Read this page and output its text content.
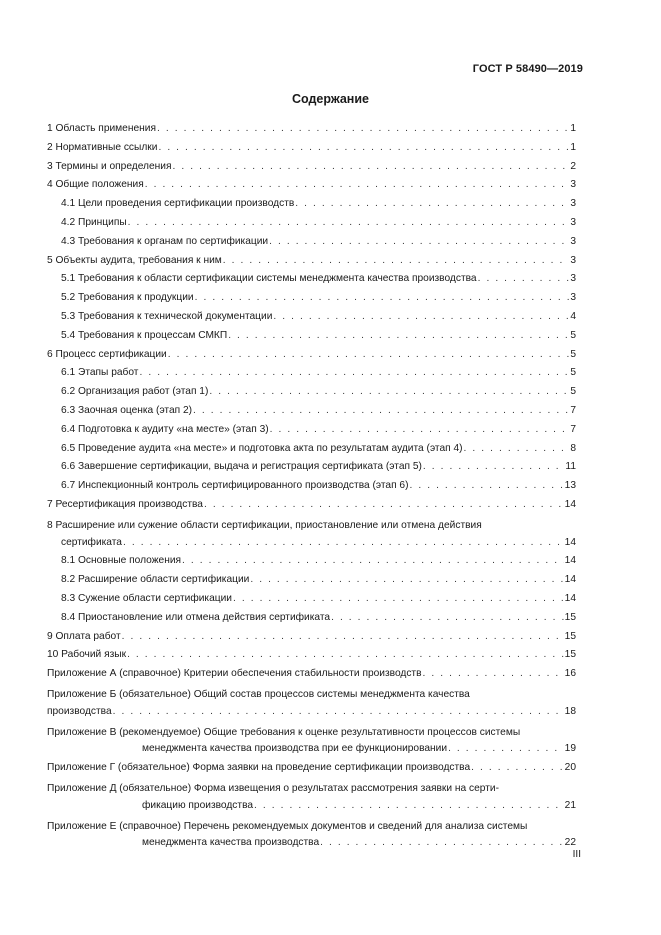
ГОСТ Р 58490—2019
Содержание
1 Область применения . . .	1
2 Нормативные ссылки . . .	1
3 Термины и определения . . .	2
4 Общие положения . . .	3
4.1 Цели проведения сертификации производств . . .	3
4.2 Принципы . . .	3
4.3 Требования к органам по сертификации . . .	3
5 Объекты аудита, требования к ним . . .	3
5.1 Требования к области сертификации системы менеджмента качества производства . . .	3
5.2 Требования к продукции . . .	3
5.3 Требования к технической документации . . .	4
5.4 Требования к процессам СМКП . . .	5
6 Процесс сертификации . . .	5
6.1 Этапы работ . . .	5
6.2 Организация работ (этап 1) . . .	5
6.3 Заочная оценка (этап 2) . . .	7
6.4 Подготовка к аудиту «на месте» (этап 3) . . .	7
6.5 Проведение аудита «на месте» и подготовка акта по результатам аудита (этап 4) . . .	8
6.6 Завершение сертификации, выдача и регистрация сертификата (этап 5) . . .	11
6.7 Инспекционный контроль сертифицированного производства (этап 6) . . .	13
7 Ресертификация производства . . .	14
8 Расширение или сужение области сертификации, приостановление или отмена действия
сертификата . . .	14
8.1 Основные положения . . .	14
8.2 Расширение области сертификации . . .	14
8.3 Сужение области сертификации . . .	14
8.4 Приостановление или отмена действия сертификата . . .	15
9 Оплата работ . . .	15
10 Рабочий язык . . .	15
Приложение А (справочное) Критерии обеспечения стабильности производств . . .	16
Приложение Б (обязательное) Общий состав процессов системы менеджмента качества
производства . . .	18
Приложение В (рекомендуемое) Общие требования к оценке результативности процессов системы
менеджмента качества производства при ее функционировании . . .	19
Приложение Г (обязательное) Форма заявки на проведение сертификации производства . . .	20
Приложение Д (обязательное) Форма извещения о результатах рассмотрения заявки на серти-
фикацию производства . . .	21
Приложение Е (справочное) Перечень рекомендуемых документов и сведений для анализа системы
менеджмента качества производства . . .	22
III
